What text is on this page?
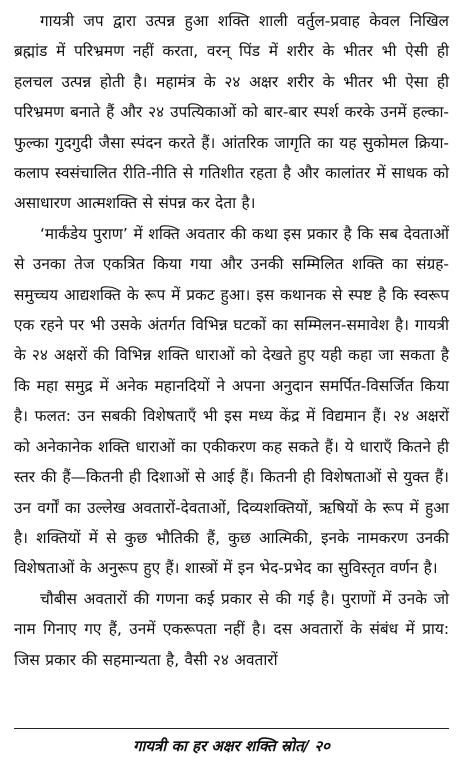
गायत्री जप द्वारा उत्पन्न हुआ शक्ति शाली वर्तुल-प्रवाह केवल निखिल ब्रह्मांड में परिभ्रमण नहीं करता, वरन् पिंड में शरीर के भीतर भी ऐसी ही हलचल उत्पन्न होती है। महामंत्र के २४ अक्षर शरीर के भीतर भी ऐसा ही परिभ्रमण बनाते हैं और २४ उपत्यिकाओं को बार-बार स्पर्श करके उनमें हल्का-फुल्का गुदगुदी जैसा स्पंदन करते हैं। आंतरिक जागृति का यह सुकोमल क्रिया-कलाप स्वसंचालित रीति-नीति से गतिशीत रहता है और कालांतर में साधक को असाधारण आत्मशक्ति से संपन्न कर देता है।

‘मार्कंडेय पुराण’ में शक्ति अवतार की कथा इस प्रकार है कि सब देवताओं से उनका तेज एकत्रित किया गया और उनकी सम्मिलित शक्ति का संग्रह-समुच्चय आद्यशक्ति के रूप में प्रकट हुआ। इस कथानक से स्पष्ट है कि स्वरूप एक रहने पर भी उसके अंतर्गत विभिन्न घटकों का सम्मिलन-समावेश है। गायत्री के २४ अक्षरों की विभिन्न शक्ति धाराओं को देखते हुए यही कहा जा सकता है कि महा समुद्र में अनेक महानदियों ने अपना अनुदान समर्पित-विसर्जित किया है। फलत: उन सबकी विशेषताएँ भी इस मध्य केंद्र में विद्यमान हैं। २४ अक्षरों को अनेकानेक शक्ति धाराओं का एकीकरण कह सकते हैं। ये धाराएँ कितने ही स्तर की हैं—कितनी ही दिशाओं से आई हैं। कितनी ही विशेषताओं से युक्त हैं। उन वर्गों का उल्लेख अवतारों-देवताओं, दिव्यशक्तियों, ऋषियों के रूप में हुआ है। शक्तियों में से कुछ भौतिकी हैं, कुछ आत्मिकी, इनके नामकरण उनकी विशेषताओं के अनुरूप हुए हैं। शास्त्रों में इन भेद-प्रभेद का सुविस्तृत वर्णन है।

चौबीस अवतारों की गणना कई प्रकार से की गई है। पुराणों में उनके जो नाम गिनाए गए हैं, उनमें एकरूपता नहीं है। दस अवतारों के संबंध में प्राय: जिस प्रकार की सहमान्यता है, वैसी २४ अवतारों

गायत्री का हर अक्षर शक्ति स्रोत/ २०
